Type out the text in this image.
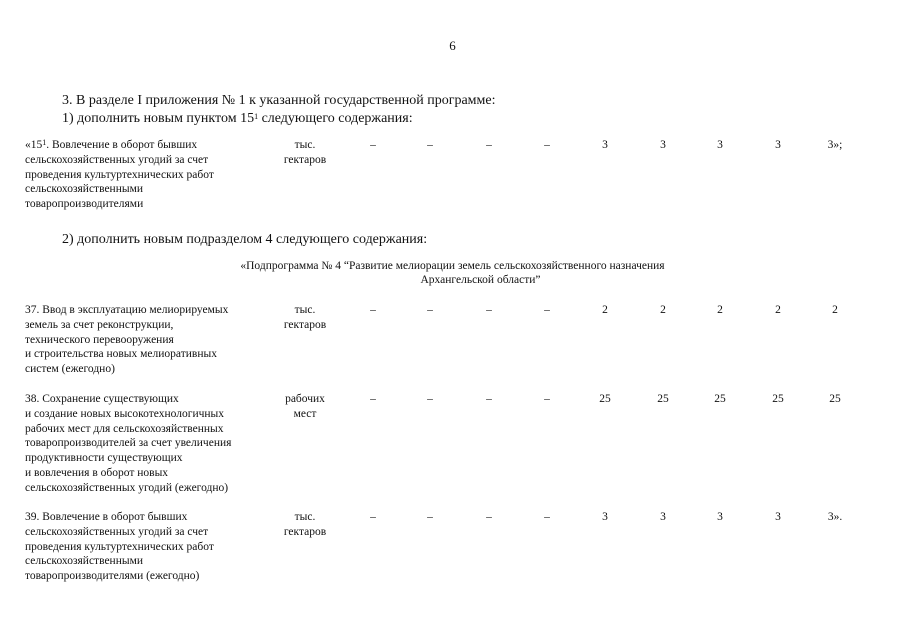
6
3. В разделе I приложения № 1 к указанной государственной программе:
1) дополнить новым пунктом $15^1$ следующего содержания:
«$15^1$. Вовлечение в оборот бывших
сельскохозяйственных угодий за счет
проведения культуртехнических работ
сельскохозяйственными
товаропроизводителями
тыс.
гектаров
–	–	–	–	3	3	3	3	3»;
2) дополнить новым подразделом 4 следующего содержания:
«Подпрограмма № 4 “Развитие мелиорации земель сельскохозяйственного назначения
Архангельской области”
37. Ввод в эксплуатацию мелиорируемых
земель за счет реконструкции,
технического перевооружения
и строительства новых мелиоративных
систем (ежегодно)
тыс.
гектаров
–	–	–	–	2	2	2	2	2
38. Сохранение существующих
и создание новых высокотехнологичных
рабочих мест для сельскохозяйственных
товаропроизводителей за счет увеличения
продуктивности существующих
и вовлечения в оборот новых
сельскохозяйственных угодий (ежегодно)
рабочих
мест
–	–	–	–	25	25	25	25	25
39. Вовлечение в оборот бывших
сельскохозяйственных угодий за счет
проведения культуртехнических работ
сельскохозяйственными
товаропроизводителями (ежегодно)
тыс.
гектаров
–	–	–	–	3	3	3	3	3».
